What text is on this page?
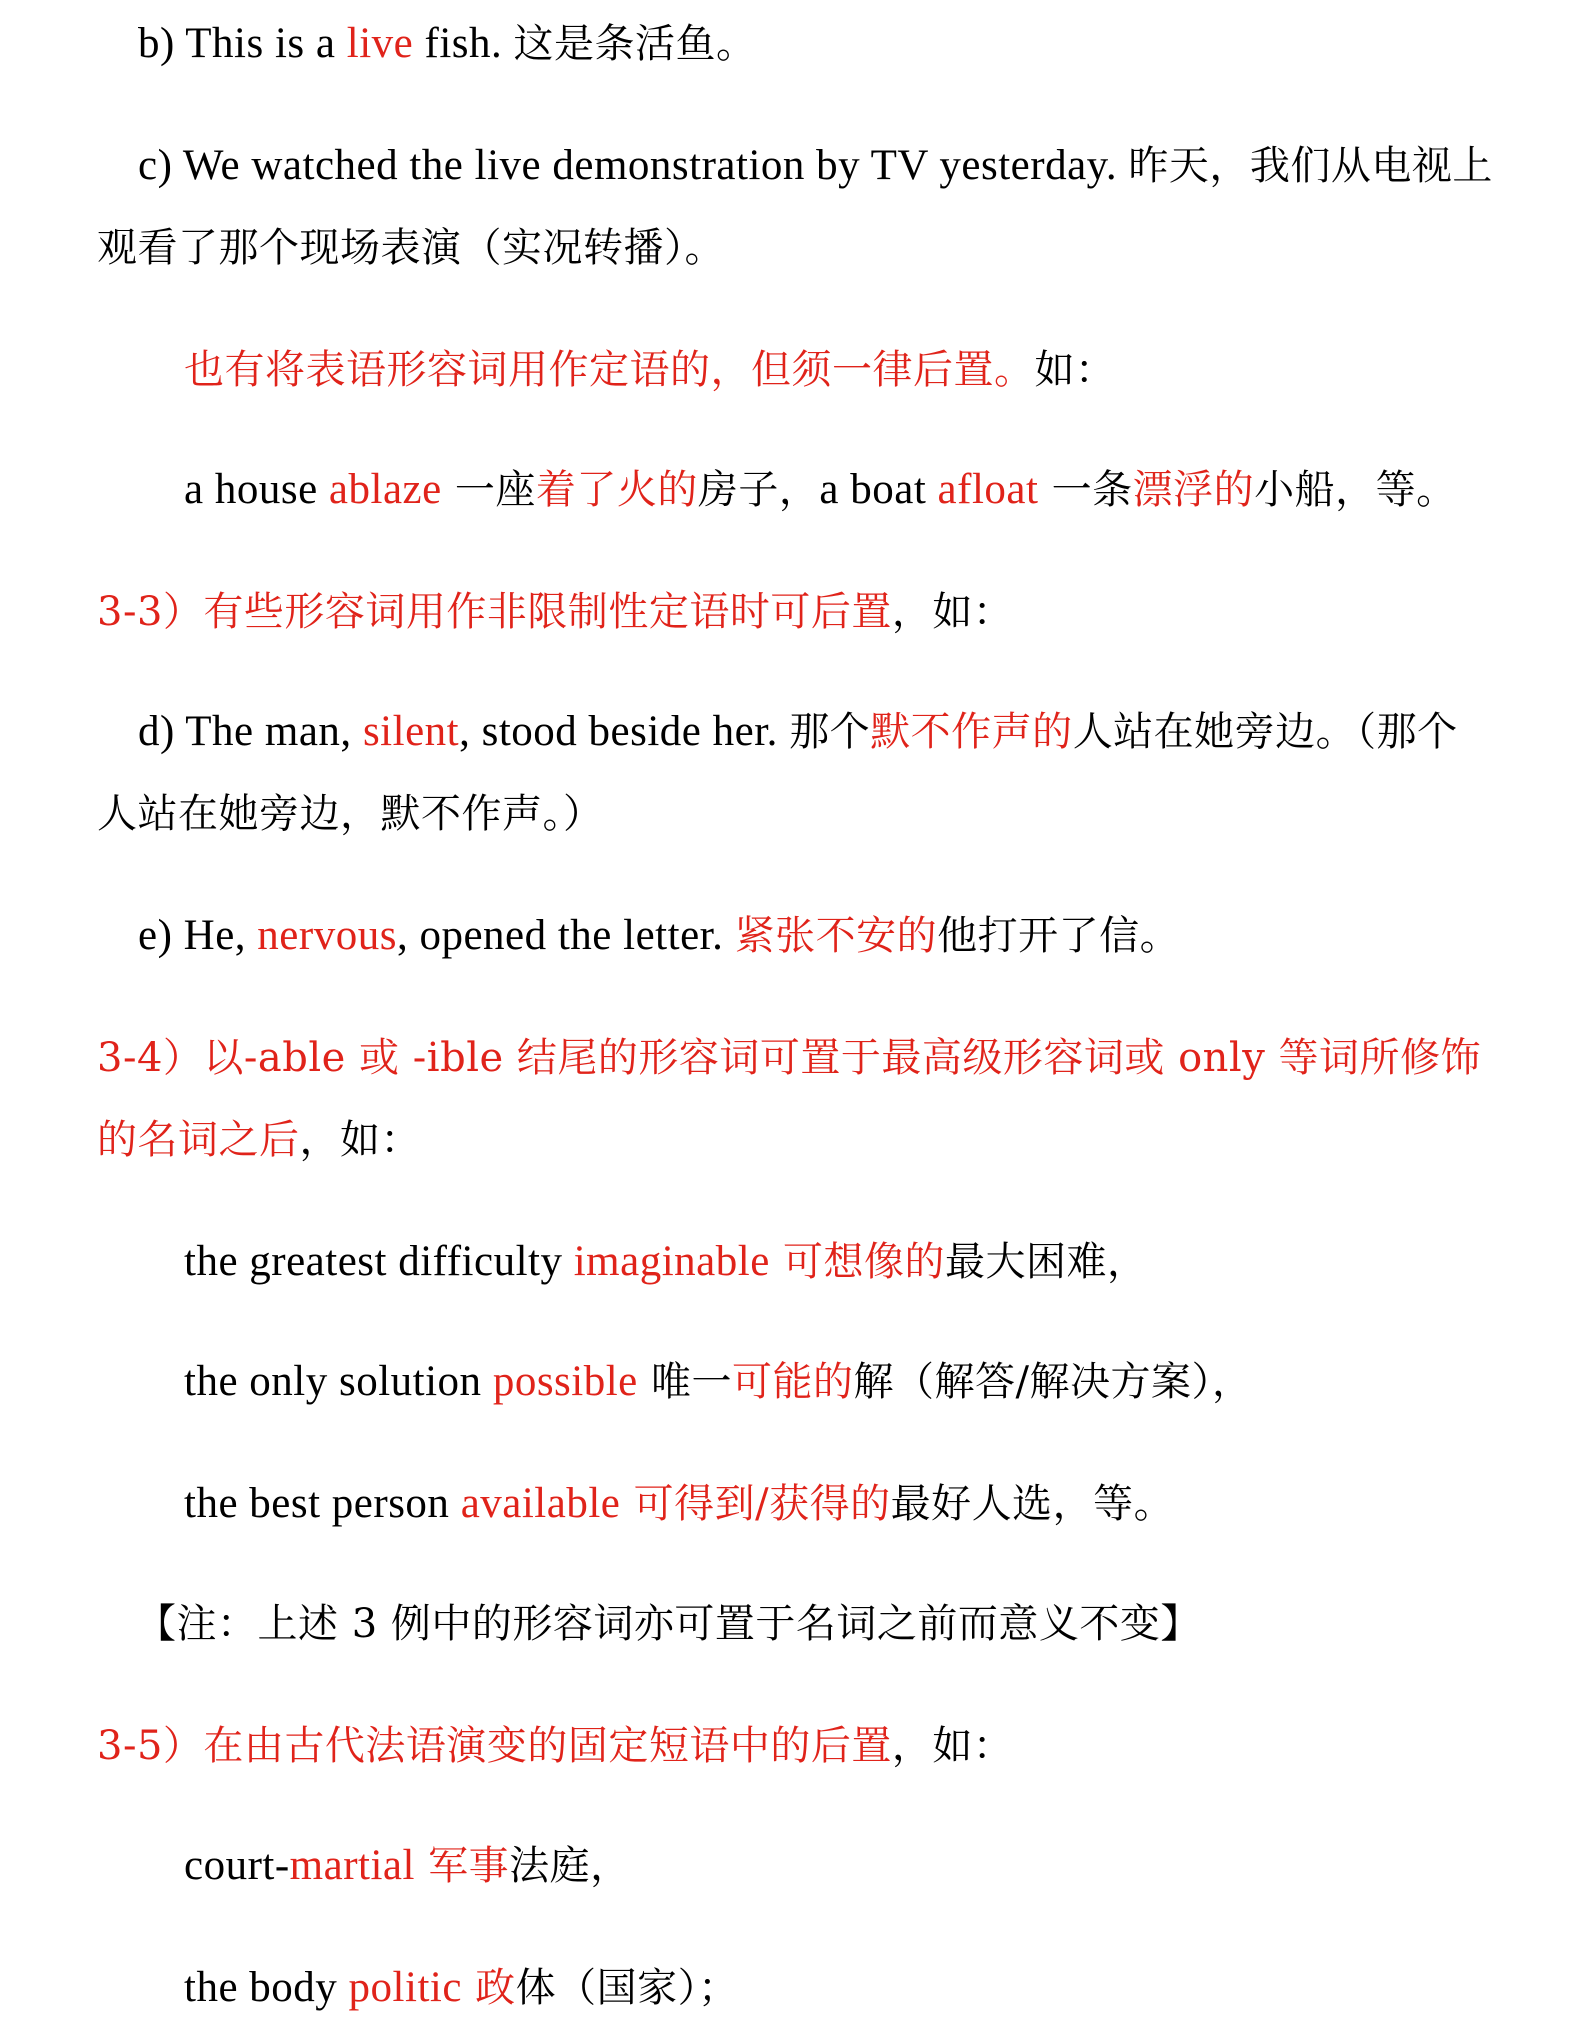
b) This is a live fish. 这是条活鱼。
c) We watched the live demonstration by TV yesterday. 昨天，我们从电视上
观看了那个现场表演（实况转播）。
也有将表语形容词用作定语的，但须一律后置。如：
a house ablaze 一座着了火的房子，a boat afloat 一条漂浮的小船，等。
3-3）有些形容词用作非限制性定语时可后置，如：
d) The man, silent, stood beside her. 那个默不作声的人站在她旁边。（那个
人站在她旁边，默不作声。）
e) He, nervous, opened the letter. 紧张不安的他打开了信。
3-4）以-able 或 -ible 结尾的形容词可置于最高级形容词或 only 等词所修饰
的名词之后，如：
the greatest difficulty imaginable 可想像的最大困难，
the only solution possible 唯一可能的解（解答/解决方案），
the best person available 可得到/获得的最好人选，等。
【注：上述 3 例中的形容词亦可置于名词之前而意义不变】
3-5）在由古代法语演变的固定短语中的后置，如：
court-martial 军事法庭，
the body politic 政体（国家）；
